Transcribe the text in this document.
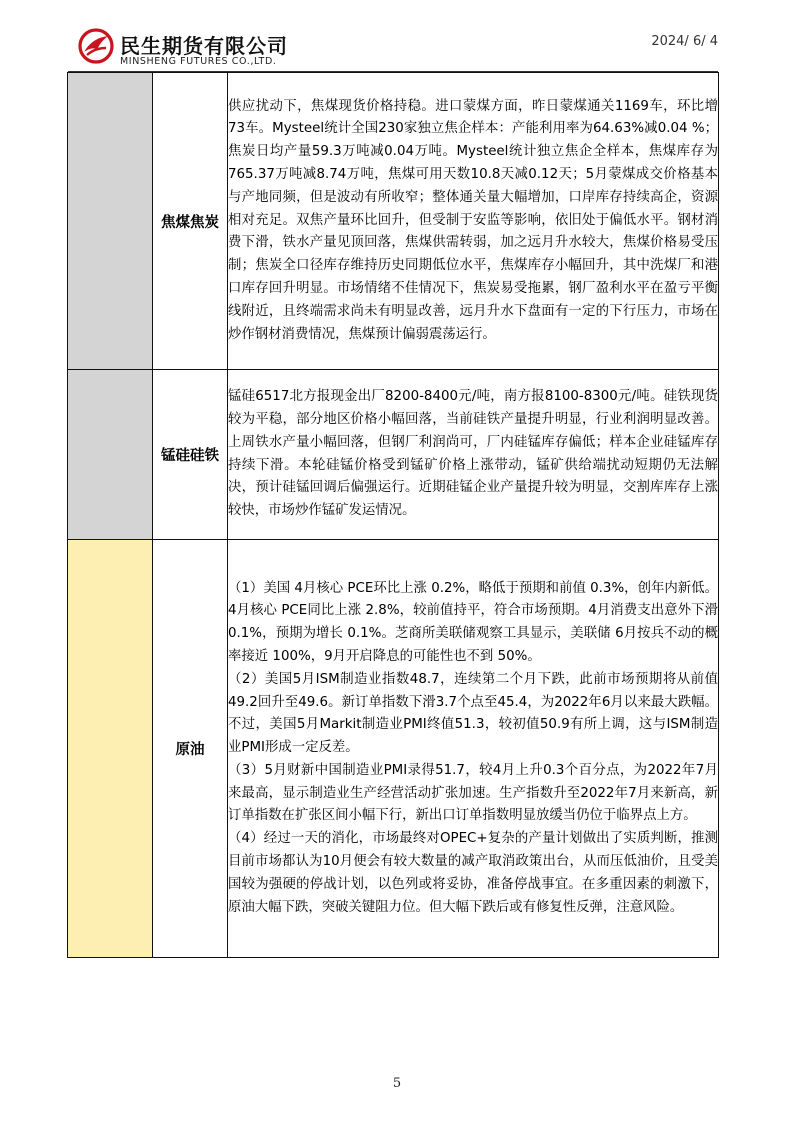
民生期货有限公司
MINSHENG FUTURES CO.,LTD.
2024/ 6/ 4
	焦煤焦炭	供应扰动下，焦煤现货价格持稳。进口蒙煤方面，昨日蒙煤通关1169车，环比增73车。Mysteel统计全国230家独立焦企样本：产能利用率为64.63%减0.04 %；焦炭日均产量59.3万吨减0.04万吨。Mysteel统计独立焦企全样本，焦煤库存为765.37万吨减8.74万吨，焦煤可用天数10.8天减0.12天；5月蒙煤成交价格基本与产地同频，但是波动有所收窄；整体通关量大幅增加，口岸库存持续高企，资源相对充足。双焦产量环比回升，但受制于安监等影响，依旧处于偏低水平。钢材消费下滑，铁水产量见顶回落，焦煤供需转弱，加之远月升水较大，焦煤价格易受压制；焦炭全口径库存维持历史同期低位水平，焦煤库存小幅回升，其中洗煤厂和港口库存回升明显。市场情绪不佳情况下，焦炭易受拖累，钢厂盈利水平在盈亏平衡线附近，且终端需求尚未有明显改善，远月升水下盘面有一定的下行压力，市场在炒作钢材消费情况，焦煤预计偏弱震荡运行。

	锰硅硅铁	锰硅6517北方报现金出厂8200-8400元/吨，南方报8100-8300元/吨。硅铁现货较为平稳，部分地区价格小幅回落，当前硅铁产量提升明显，行业利润明显改善。上周铁水产量小幅回落，但钢厂利润尚可，厂内硅锰库存偏低；样本企业硅锰库存持续下滑。本轮硅锰价格受到锰矿价格上涨带动，锰矿供给端扰动短期仍无法解决，预计硅锰回调后偏强运行。近期硅锰企业产量提升较为明显，交割库库存上涨较快，市场炒作锰矿发运情况。

	原油	（1）美国 4月核心 PCE环比上涨 0.2%，略低于预期和前值 0.3%，创年内新低。4月核心 PCE同比上涨 2.8%，较前值持平，符合市场预期。4月消费支出意外下滑 0.1%，预期为增长 0.1%。芝商所美联储观察工具显示，美联储 6月按兵不动的概率接近 100%，9月开启降息的可能性也不到 50%。

（2）美国5月ISM制造业指数48.7，连续第二个月下跌，此前市场预期将从前值49.2回升至49.6。新订单指数下滑3.7个点至45.4，为2022年6月以来最大跌幅。不过，美国5月Markit制造业PMI终值51.3，较初值50.9有所上调，这与ISM制造业PMI形成一定反差。

（3）5月财新中国制造业PMI录得51.7，较4月上升0.3个百分点，为2022年7月来最高，显示制造业生产经营活动扩张加速。生产指数升至2022年7月来新高，新订单指数在扩张区间小幅下行，新出口订单指数明显放缓当仍位于临界点上方。

（4）经过一天的消化，市场最终对OPEC+复杂的产量计划做出了实质判断，推测目前市场都认为10月便会有较大数量的减产取消政策出台，从而压低油价，且受美国较为强硬的停战计划，以色列或将妥协，准备停战事宜。在多重因素的刺激下，原油大幅下跌，突破关键阻力位。但大幅下跌后或有修复性反弹，注意风险。

5
